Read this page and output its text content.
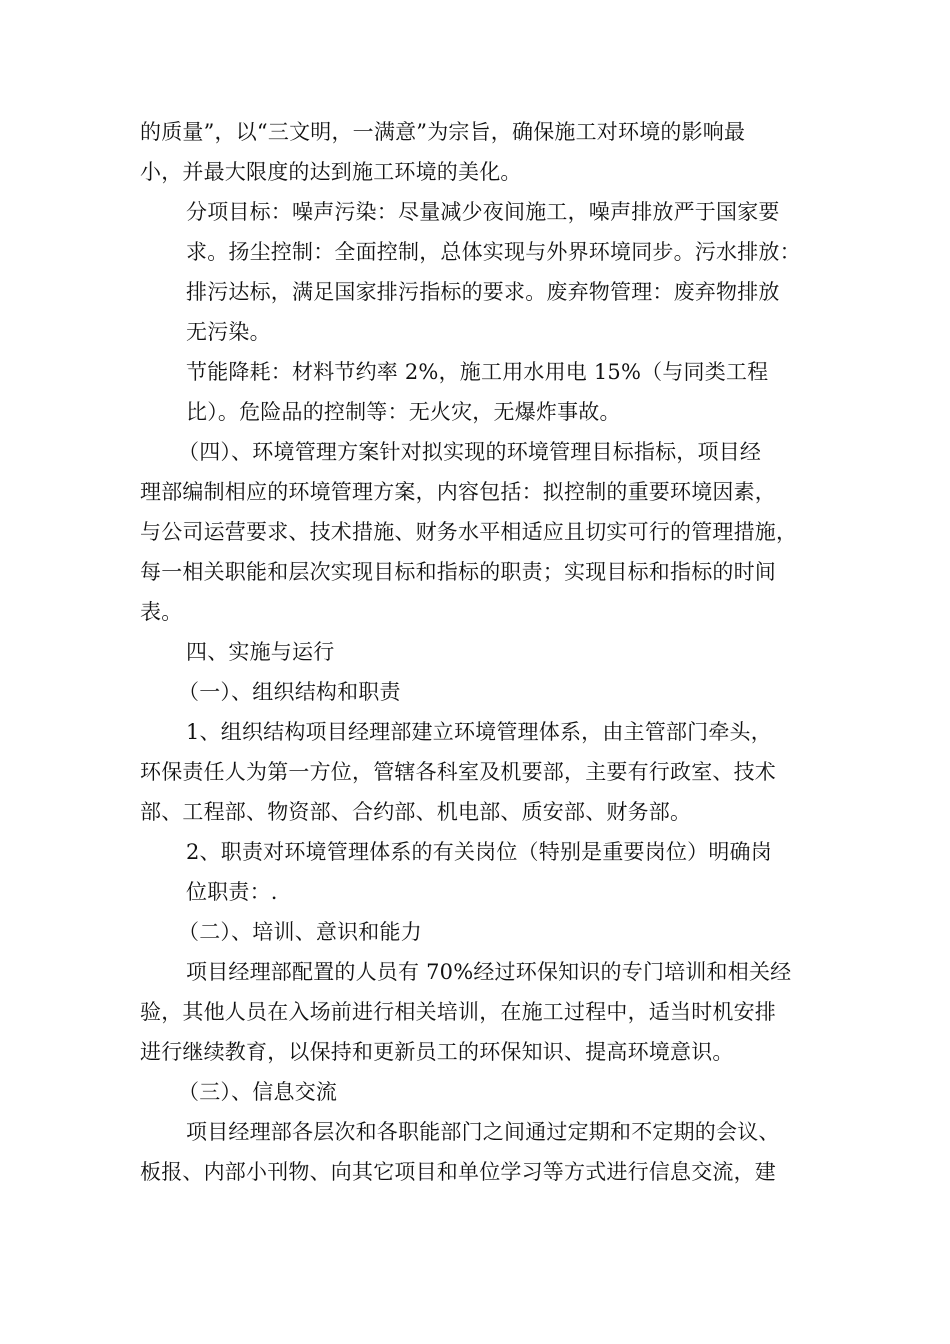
的质量”，以“三文明，一满意”为宗旨，确保施工对环境的影响最

小，并最大限度的达到施工环境的美化。

分项目标：噪声污染：尽量减少夜间施工，噪声排放严于国家要

求。扬尘控制：全面控制，总体实现与外界环境同步。污水排放：

排污达标，满足国家排污指标的要求。废弃物管理：废弃物排放

无污染。

节能降耗：材料节约率 2%，施工用水用电 15%（与同类工程

比）。危险品的控制等：无火灾，无爆炸事故。

（四）、环境管理方案针对拟实现的环境管理目标指标，项目经

理部编制相应的环境管理方案，内容包括：拟控制的重要环境因素，

与公司运营要求、技术措施、财务水平相适应且切实可行的管理措施，

每一相关职能和层次实现目标和指标的职责；实现目标和指标的时间

表。

四、实施与运行

（一）、组织结构和职责

1、组织结构项目经理部建立环境管理体系，由主管部门牵头，

环保责任人为第一方位，管辖各科室及机要部，主要有行政室、技术

部、工程部、物资部、合约部、机电部、质安部、财务部。

2、职责对环境管理体系的有关岗位（特别是重要岗位）明确岗

位职责：.

（二）、培训、意识和能力

项目经理部配置的人员有 70%经过环保知识的专门培训和相关经

验，其他人员在入场前进行相关培训，在施工过程中，适当时机安排

进行继续教育，以保持和更新员工的环保知识、提高环境意识。

（三）、信息交流

项目经理部各层次和各职能部门之间通过定期和不定期的会议、

板报、内部小刊物、向其它项目和单位学习等方式进行信息交流，建
